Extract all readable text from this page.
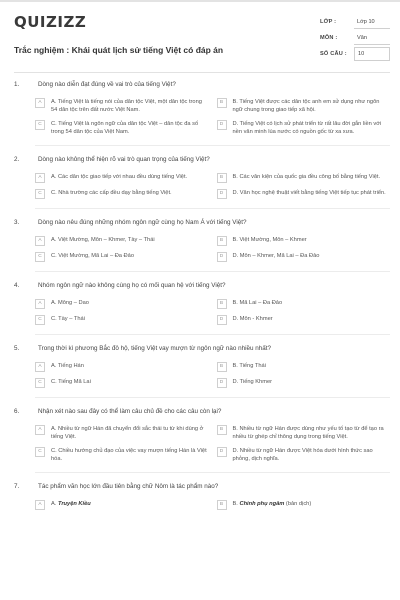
QUIZIZZ
Trắc nghiệm : Khái quát lịch sử tiếng Việt có đáp án
LỚP :	Lớp 10
MÔN :	Văn
SỐ CÂU :	10
1.	Dòng nào diễn đạt đúng về vai trò của tiếng Việt?
A	A. Tiếng Việt là tiếng nói của dân tộc Việt, một dân tộc trong 54 dân tộc trên đất nước Việt Nam.
B	B. Tiếng Việt được các dân tộc anh em sử dụng như ngôn ngữ chung trong giao tiếp xã hội.
C	C. Tiếng Việt là ngôn ngữ của dân tộc Việt – dân tộc đa số trong 54 dân tộc của Việt Nam.
D	D. Tiếng Việt có lịch sử phát triển từ rất lâu đời gắn liền với nền văn minh lúa nước có nguồn gốc từ xa xưa.
2.	Dòng nào không thể hiện rõ vai trò quan trọng của tiếng Việt?
A	A. Các dân tộc giao tiếp với nhau đều dùng tiếng Việt.	B	B. Các văn kiện của quốc gia đều công bố bằng tiếng Việt.
C	C. Nhà trường các cấp đều dạy bằng tiếng Việt.	D	D. Văn học nghệ thuật viết bằng tiếng Việt tiếp tục phát triển.
3.	Dòng nào nêu đúng những nhóm ngôn ngữ cùng họ Nam Á với tiếng Việt?
A	A. Việt Mường, Môn – Khmer, Tày – Thái	B	B. Việt Mường, Môn – Khmer
C	C. Việt Mường, Mã Lai – Đa Đảo	D	D. Môn – Khmer, Mã Lai – Đa Đảo
4.	Nhóm ngôn ngữ nào không cùng họ có mối quan hệ với tiếng Việt?
A	A. Mông – Dao	B	B. Mã Lai – Đa Đảo
C	C. Tày – Thái	D	D. Môn - Khmer
5.	Trong thời kì phương Bắc đô hộ, tiếng Việt vay mượn từ ngôn ngữ nào nhiều nhất?
A	A. Tiếng Hán	B	B. Tiếng Thái
C	C. Tiếng Mã Lai	D	D. Tiếng Khmer
6.	Nhận xét nào sau đây có thể làm câu chủ đề cho các câu còn lại?
A	A. Nhiều từ ngữ Hán đã chuyển đổi sắc thái tu từ khi dùng ở tiếng Việt.
B	B. Nhiều từ ngữ Hán được dùng như yếu tố tạo từ để tạo ra nhiều từ ghép chỉ thông dụng trong tiếng Việt.
C	C. Chiều hướng chủ đạo của việc vay mượn tiếng Hán là Việt hóa.
D	D. Nhiều từ ngữ Hán được Việt hóa dưới hình thức sao phỏng, dịch nghĩa.
7.	Tác phẩm văn học lớn đầu tiên bằng chữ Nôm là tác phẩm nào?
A	A. Truyện Kiều	B	B. Chinh phụ ngâm (bản dịch)
